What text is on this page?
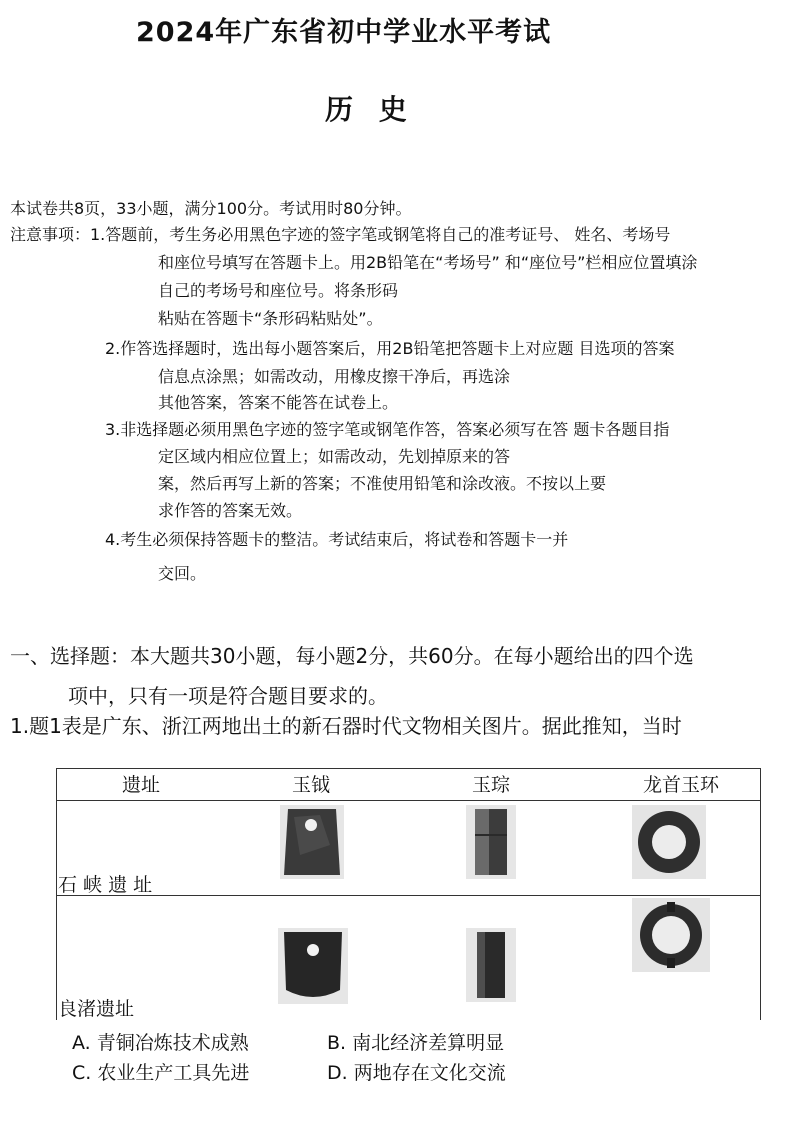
2024年广东省初中学业水平考试
历 史
本试卷共8页，33小题，满分100分。考试用时80分钟。
注意事项：1.答题前，考生务必用黑色字迹的签字笔或钢笔将自己的准考证号、 姓名、考场号
和座位号填写在答题卡上。用2B铅笔在“考场号” 和“座位号”栏相应位置填涂
自己的考场号和座位号。将条形码
粘贴在答题卡“条形码粘贴处”。
2.作答选择题时，选出每小题答案后，用2B铅笔把答题卡上对应题 目选项的答案
信息点涂黑；如需改动，用橡皮擦干净后，再选涂
其他答案，答案不能答在试卷上。
3.非选择题必须用黑色字迹的签字笔或钢笔作答，答案必须写在答 题卡各题目指
定区域内相应位置上；如需改动，先划掉原来的答
案，然后再写上新的答案；不准使用铅笔和涂改液。不按以上要
求作答的答案无效。
4.考生必须保持答题卡的整洁。考试结束后，将试卷和答题卡一并
交回。
一、选择题：本大题共30小题，每小题2分，共60分。在每小题给出的四个选
项中，只有一项是符合题目要求的。
1.题1表是广东、浙江两地出土的新石器时代文物相关图片。据此推知，当时
遗址	玉钺	玉琮	龙首玉环
石 峡 遗 址
良渚遗址
A. 青铜冶炼技术成熟	B. 南北经济差算明显
C. 农业生产工具先进	D. 两地存在文化交流
